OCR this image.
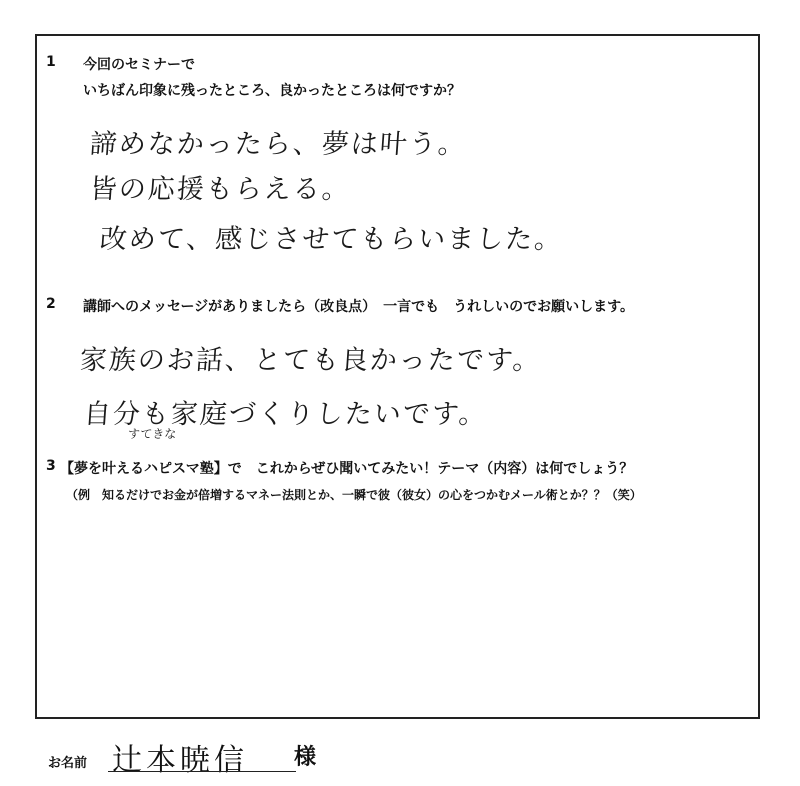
1 今回のセミナーで
いちばん印象に残ったところ、良かったところは何ですか？
諦めなかったら、夢は叶う。
皆の応援もらえる。
改めて、感じさせてもらいました。
2 講師へのメッセージがありましたら（改良点）　一言でも　うれしいのでお願いします。
家族のお話、とても良かったです。
自分も家庭づくりしたいです。
すてきな
3 【夢を叶えるハピスマ塾】で　これからぜひ聞いてみたい！テーマ（内容）は何でしょう？
（例　知るだけでお金が倍増するマネー法則とか、一瞬で彼（彼女）の心をつかむメール術とか？？（笑）
お名前 辻本暁信 様
